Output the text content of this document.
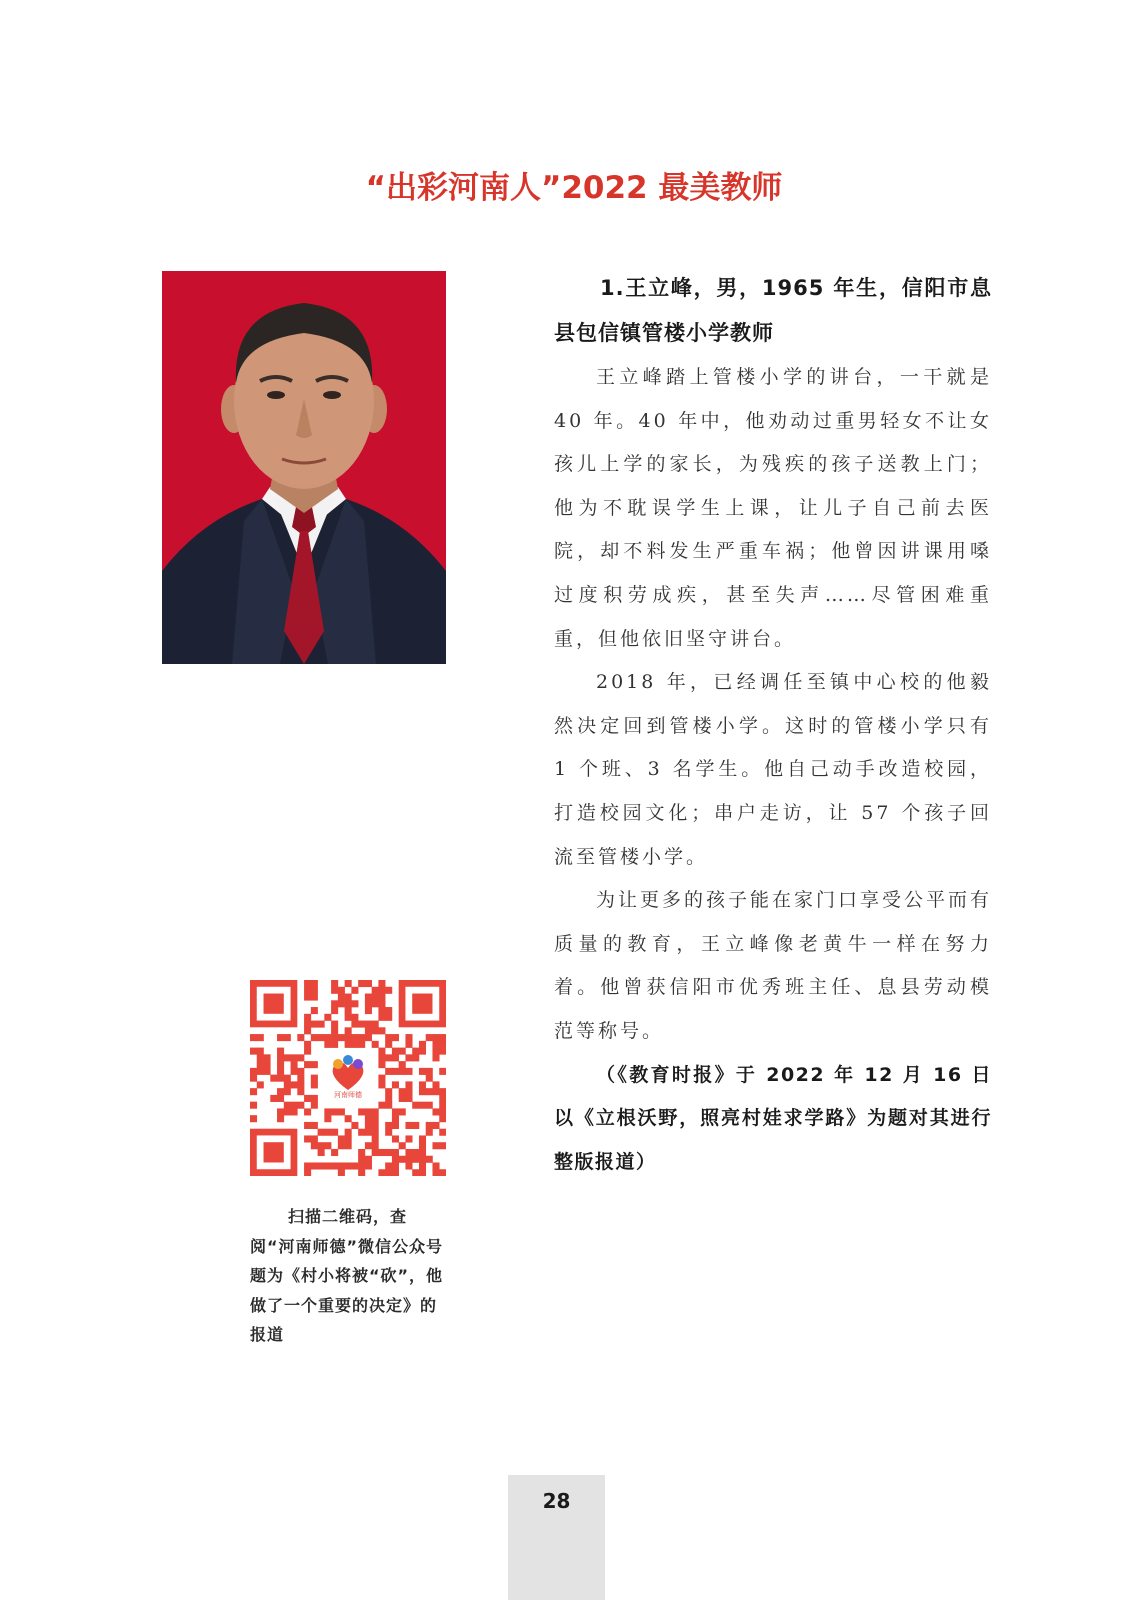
“出彩河南人”2022 最美教师

1.王立峰，男，1965 年生，信阳市息县包信镇管楼小学教师

王立峰踏上管楼小学的讲台，一干就是 40 年。40 年中，他劝动过重男轻女不让女孩儿上学的家长，为残疾的孩子送教上门；他为不耽误学生上课，让儿子自己前去医院，却不料发生严重车祸；他曾因讲课用嗓过度积劳成疾，甚至失声……尽管困难重重，但他依旧坚守讲台。

2018 年，已经调任至镇中心校的他毅然决定回到管楼小学。这时的管楼小学只有 1 个班、3 名学生。他自己动手改造校园，打造校园文化；串户走访，让 57 个孩子回流至管楼小学。

为让更多的孩子能在家门口享受公平而有质量的教育，王立峰像老黄牛一样在努力着。他曾获信阳市优秀班主任、息县劳动模范等称号。

（《教育时报》于 2022 年 12 月 16 日以《立根沃野，照亮村娃求学路》为题对其进行整版报道）

河南师德

扫描二维码，查阅“河南师德”微信公众号题为《村小将被“砍”，他做了一个重要的决定》的报道

28
